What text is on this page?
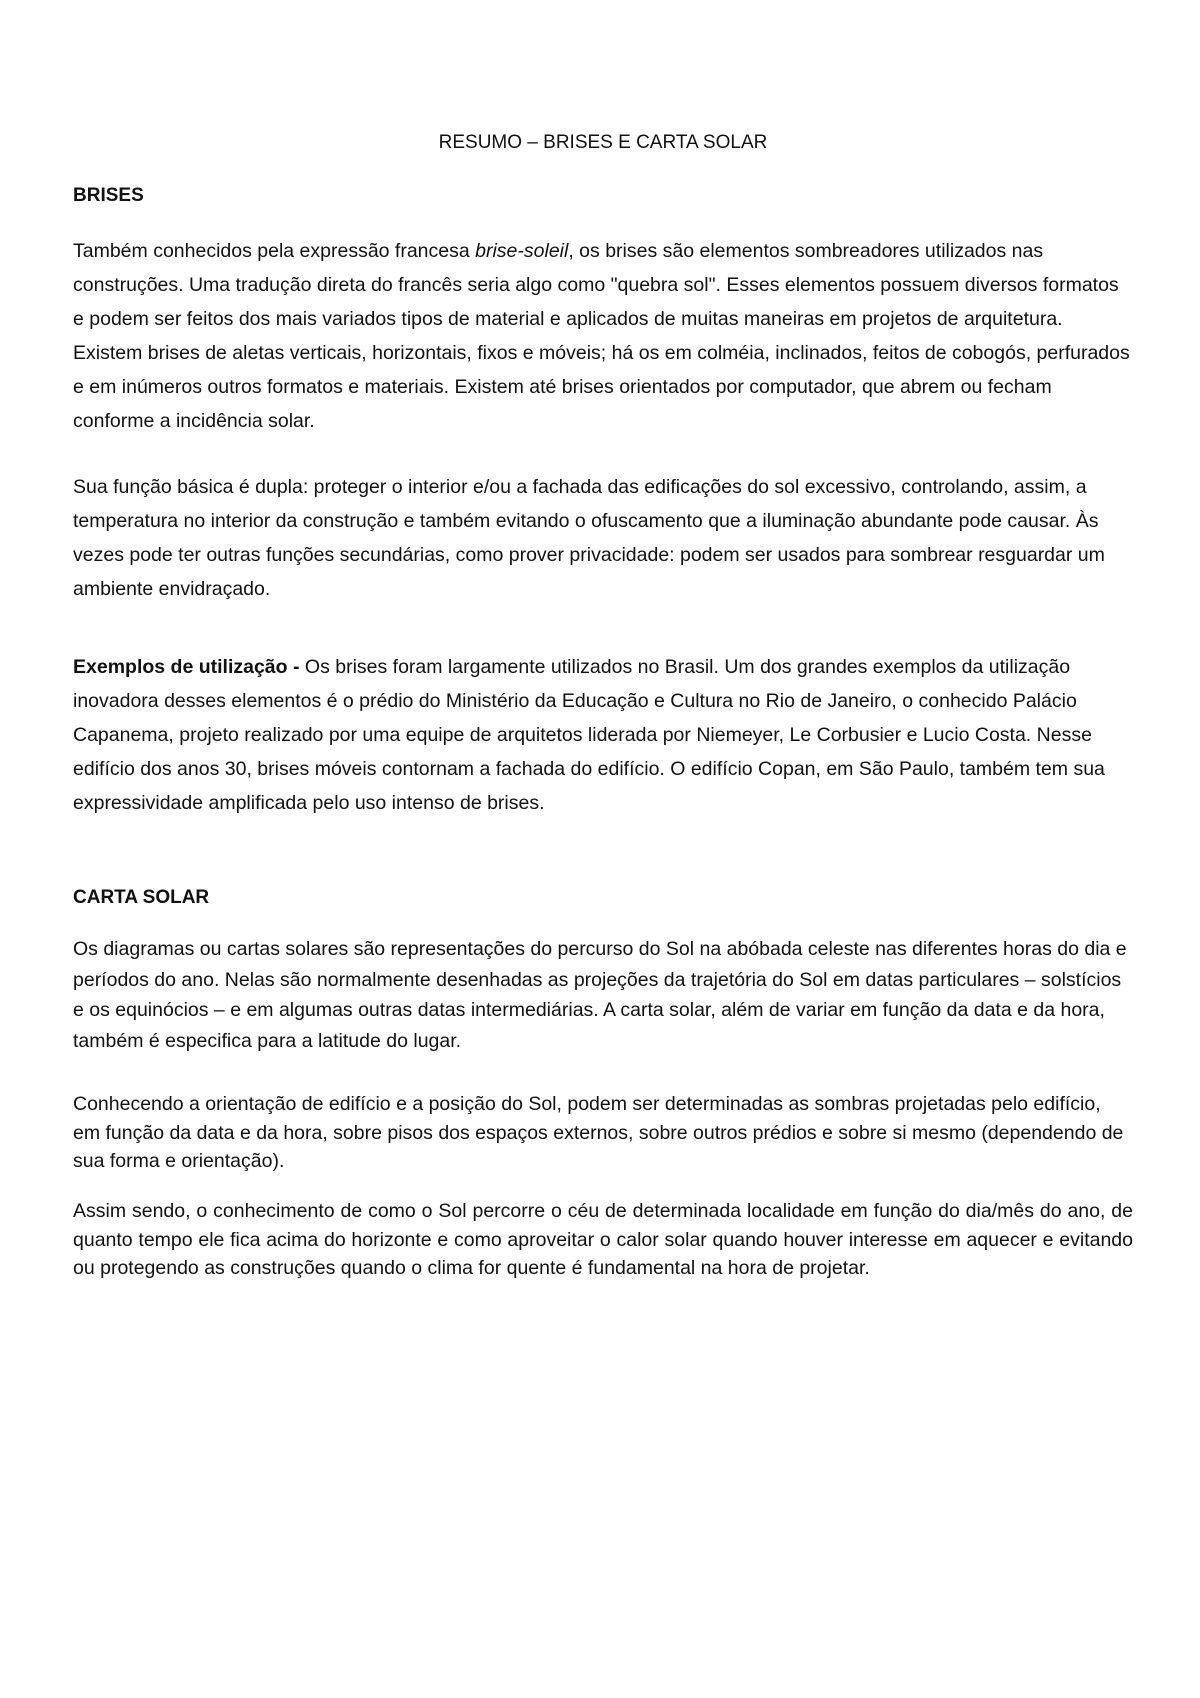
RESUMO – BRISES E CARTA SOLAR
BRISES

Também conhecidos pela expressão francesa brise-soleil, os brises são elementos sombreadores utilizados nas construções. Uma tradução direta do francês seria algo como "quebra sol". Esses elementos possuem diversos formatos e podem ser feitos dos mais variados tipos de material e aplicados de muitas maneiras em projetos de arquitetura. Existem brises de aletas verticais, horizontais, fixos e móveis; há os em colméia, inclinados, feitos de cobogós, perfurados e em inúmeros outros formatos e materiais. Existem até brises orientados por computador, que abrem ou fecham conforme a incidência solar.

Sua função básica é dupla: proteger o interior e/ou a fachada das edificações do sol excessivo, controlando, assim, a temperatura no interior da construção e também evitando o ofuscamento que a iluminação abundante pode causar. Às vezes pode ter outras funções secundárias, como prover privacidade: podem ser usados para sombrear resguardar um ambiente envidraçado.

Exemplos de utilização - Os brises foram largamente utilizados no Brasil. Um dos grandes exemplos da utilização inovadora desses elementos é o prédio do Ministério da Educação e Cultura no Rio de Janeiro, o conhecido Palácio Capanema, projeto realizado por uma equipe de arquitetos liderada por Niemeyer, Le Corbusier e Lucio Costa. Nesse edifício dos anos 30, brises móveis contornam a fachada do edifício. O edifício Copan, em São Paulo, também tem sua expressividade amplificada pelo uso intenso de brises.

CARTA SOLAR

Os diagramas ou cartas solares são representações do percurso do Sol na abóbada celeste nas diferentes horas do dia e períodos do ano. Nelas são normalmente desenhadas as projeções da trajetória do Sol em datas particulares – solstícios e os equinócios – e em algumas outras datas intermediárias. A carta solar, além de variar em função da data e da hora, também é especifica para a latitude do lugar.

Conhecendo a orientação de edifício e a posição do Sol, podem ser determinadas as sombras projetadas pelo edifício, em função da data e da hora, sobre pisos dos espaços externos, sobre outros prédios e sobre si mesmo (dependendo de sua forma e orientação).

Assim sendo, o conhecimento de como o Sol percorre o céu de determinada localidade em função do dia/mês do ano, de quanto tempo ele fica acima do horizonte e como aproveitar o calor solar quando houver interesse em aquecer e evitando ou protegendo as construções quando o clima for quente é fundamental na hora de projetar.
